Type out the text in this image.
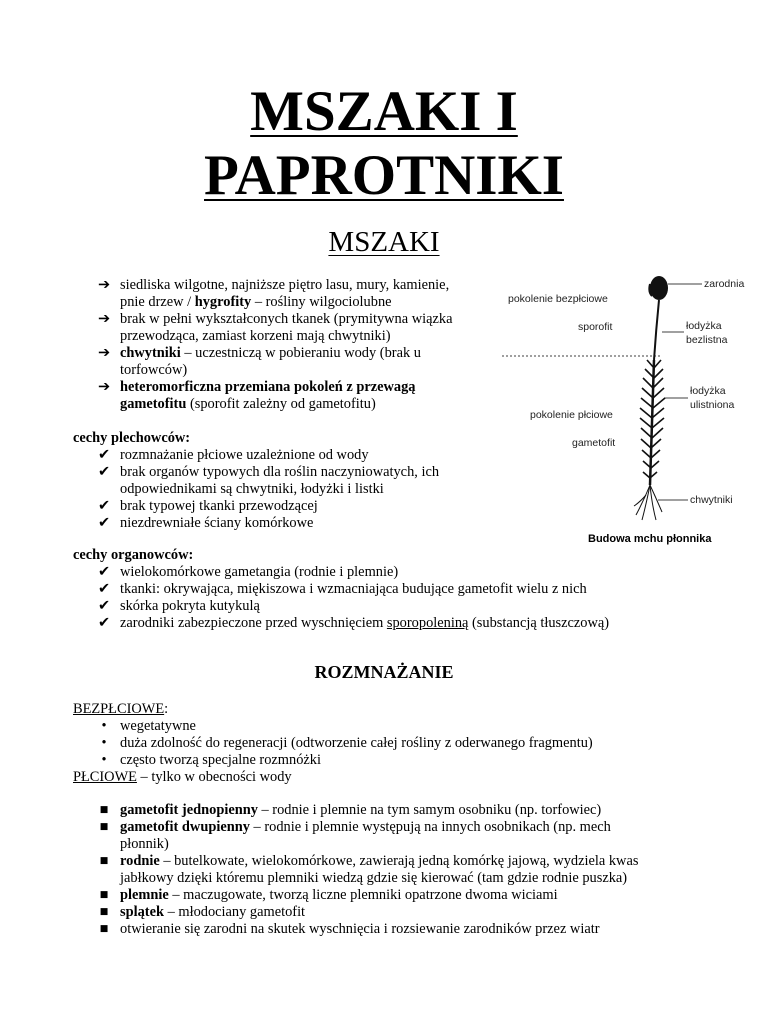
MSZAKI I
PAPROTNIKI
MSZAKI
➔ siedliska wilgotne, najniższe piętro lasu, mury, kamienie,
pnie drzew / hygrofity – rośliny wilgociolubne
➔ brak w pełni wykształconych tkanek (prymitywna wiązka
przewodząca, zamiast korzeni mają chwytniki)
➔ chwytniki – uczestniczą w pobieraniu wody (brak u
torfowców)
➔ heteromorficzna przemiana pokoleń z przewagą
gametofitu (sporofit zależny od gametofitu)
cechy plechowców:
✔ rozmnażanie płciowe uzależnione od wody
✔ brak organów typowych dla roślin naczyniowatych, ich
odpowiednikami są chwytniki, łodyżki i listki
✔ brak typowej tkanki przewodzącej
✔ niezdrewniałe ściany komórkowe
cechy organowców:
✔ wielokomórkowe gametangia (rodnie i plemnie)
✔ tkanki: okrywająca, miękiszowa i wzmacniająca budujące gametofit wielu z nich
✔ skórka pokryta kutykulą
✔ zarodniki zabezpieczone przed wyschnięciem sporopoleniną (substancją tłuszczową)
zarodnia
pokolenie bezpłciowe
sporofit	łodyżka
bezlistna
łodyżka
ulistniona
pokolenie płciowe
gametofit
chwytniki
Budowa mchu płonnika
ROZMNAŻANIE
BEZPŁCIOWE:
• wegetatywne
• duża zdolność do regeneracji (odtworzenie całej rośliny z oderwanego fragmentu)
• często tworzą specjalne rozmnóżki
PŁCIOWE – tylko w obecności wody
■ gametofit jednopienny – rodnie i plemnie na tym samym osobniku (np. torfowiec)
■ gametofit dwupienny – rodnie i plemnie występują na innych osobnikach (np. mech
płonnik)
■ rodnie – butelkowate, wielokomórkowe, zawierają jedną komórkę jajową, wydziela kwas
jabłkowy dzięki któremu plemniki wiedzą gdzie się kierować (tam gdzie rodnie puszka)
■ plemnie – maczugowate, tworzą liczne plemniki opatrzone dwoma wiciami
■ splątek – młodociany gametofit
■ otwieranie się zarodni na skutek wyschnięcia i rozsiewanie zarodników przez wiatr
